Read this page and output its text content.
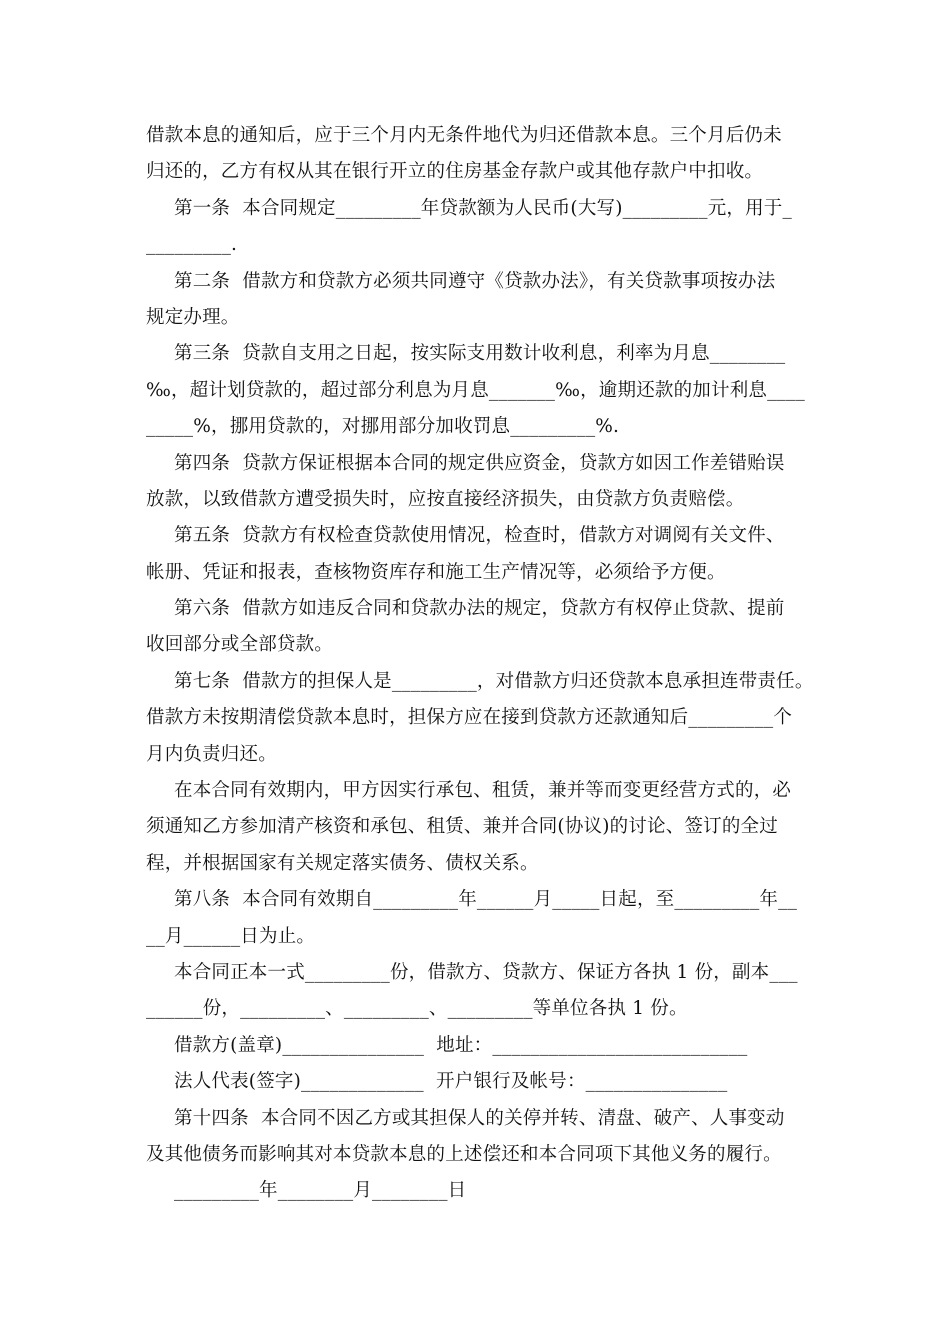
借款本息的通知后，应于三个月内无条件地代为归还借款本息。三个月后仍未
归还的，乙方有权从其在银行开立的住房基金存款户或其他存款户中扣收。
第一条  本合同规定_________年贷款额为人民币(大写)_________元，用于_
_________.
第二条  借款方和贷款方必须共同遵守《贷款办法》，有关贷款事项按办法
规定办理。
第三条  贷款自支用之日起，按实际支用数计收利息，利率为月息________
‰，超计划贷款的，超过部分利息为月息_______‰，逾期还款的加计利息____
_____%，挪用贷款的，对挪用部分加收罚息_________%.
第四条  贷款方保证根据本合同的规定供应资金，贷款方如因工作差错贻误
放款，以致借款方遭受损失时，应按直接经济损失，由贷款方负责赔偿。
第五条  贷款方有权检查贷款使用情况，检查时，借款方对调阅有关文件、
帐册、凭证和报表，查核物资库存和施工生产情况等，必须给予方便。
第六条  借款方如违反合同和贷款办法的规定，贷款方有权停止贷款、提前
收回部分或全部贷款。
第七条  借款方的担保人是_________，对借款方归还贷款本息承担连带责任。
借款方未按期清偿贷款本息时，担保方应在接到贷款方还款通知后_________个
月内负责归还。
在本合同有效期内，甲方因实行承包、租赁，兼并等而变更经营方式的，必
须通知乙方参加清产核资和承包、租赁、兼并合同(协议)的讨论、签订的全过
程，并根据国家有关规定落实债务、债权关系。
第八条  本合同有效期自_________年______月_____日起，至_________年__
__月______日为止。
本合同正本一式_________份，借款方、贷款方、保证方各执 1 份，副本___
______份，_________、_________、_________等单位各执 1 份。
借款方(盖章)_______________  地址：___________________________
法人代表(签字)_____________  开户银行及帐号：_______________
第十四条  本合同不因乙方或其担保人的关停并转、清盘、破产、人事变动
及其他债务而影响其对本贷款本息的上述偿还和本合同项下其他义务的履行。
_________年________月________日
